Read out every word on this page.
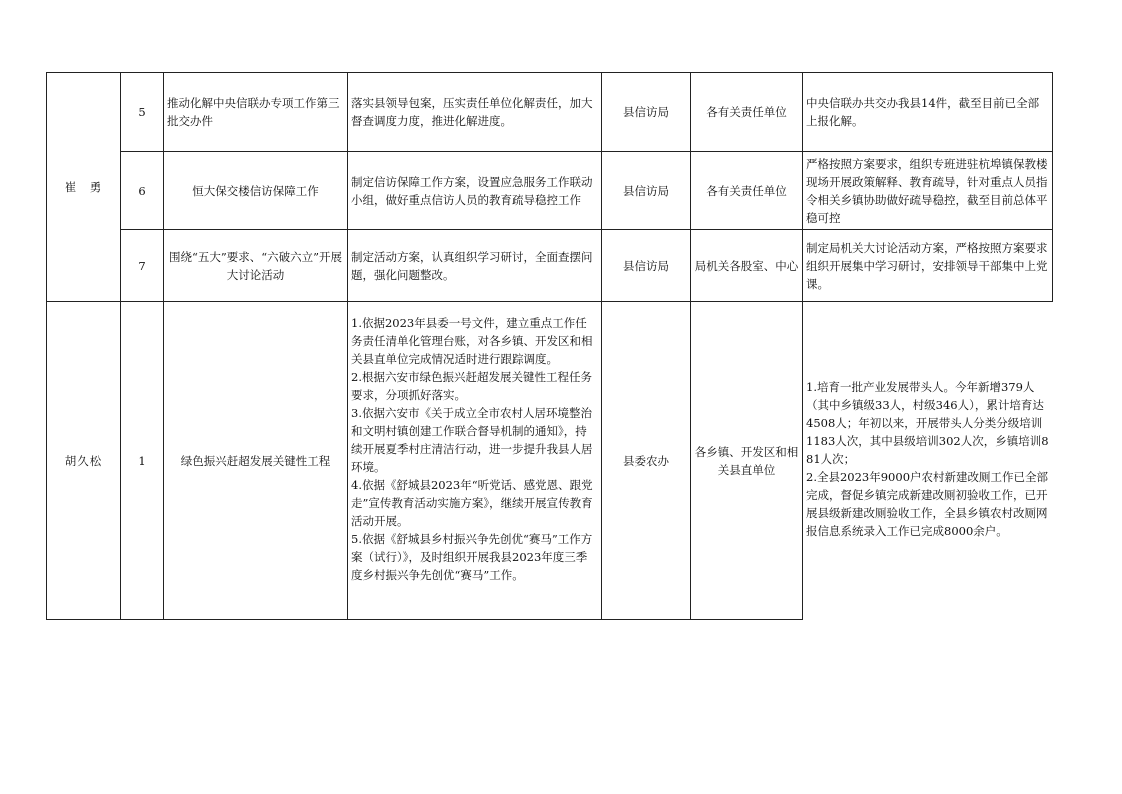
崔　勇	5	推动化解中央信联办专项工作第三批交办件	落实县领导包案，压实责任单位化解责任，加大督查调度力度，推进化解进度。	县信访局	各有关责任单位	中央信联办共交办我县14件，截至目前已全部上报化解。
	6	恒大保交楼信访保障工作	制定信访保障工作方案，设置应急服务工作联动小组，做好重点信访人员的教育疏导稳控工作	县信访局	各有关责任单位	严格按照方案要求，组织专班进驻杭埠镇保教楼现场开展政策解释、教育疏导，针对重点人员指令相关乡镇协助做好疏导稳控，截至目前总体平稳可控
	7	围绕“五大”要求、“六破六立”开展大讨论活动	制定活动方案，认真组织学习研讨，全面查摆问题，强化问题整改。	县信访局	局机关各股室、中心	制定局机关大讨论活动方案，严格按照方案要求组织开展集中学习研讨，安排领导干部集中上党课。
胡久松	1	绿色振兴赶超发展关键性工程	1.依据2023年县委一号文件，建立重点工作任务责任清单化管理台账，对各乡镇、开发区和相关县直单位完成情况适时进行跟踪调度。
2.根据六安市绿色振兴赶超发展关键性工程任务要求，分项抓好落实。
3.依据六安市《关于成立全市农村人居环境整治和文明村镇创建工作联合督导机制的通知》，持续开展夏季村庄清洁行动，进一步提升我县人居环境。
4.依据《舒城县2023年“听党话、感党恩、跟党走”宣传教育活动实施方案》，继续开展宣传教育活动开展。
5.依据《舒城县乡村振兴争先创优“赛马”工作方案（试行）》，及时组织开展我县2023年度三季度乡村振兴争先创优“赛马”工作。	县委农办	各乡镇、开发区和相关县直单位	1.培育一批产业发展带头人。今年新增379人（其中乡镇级33人，村级346人），累计培育达4508人；年初以来，开展带头人分类分级培训1183人次，其中县级培训302人次，乡镇培训881人次；
2.全县2023年9000户农村新建改厕工作已全部完成，督促乡镇完成新建改厕初验收工作，已开展县级新建改厕验收工作，全县乡镇农村改厕网报信息系统录入工作已完成8000余户。
